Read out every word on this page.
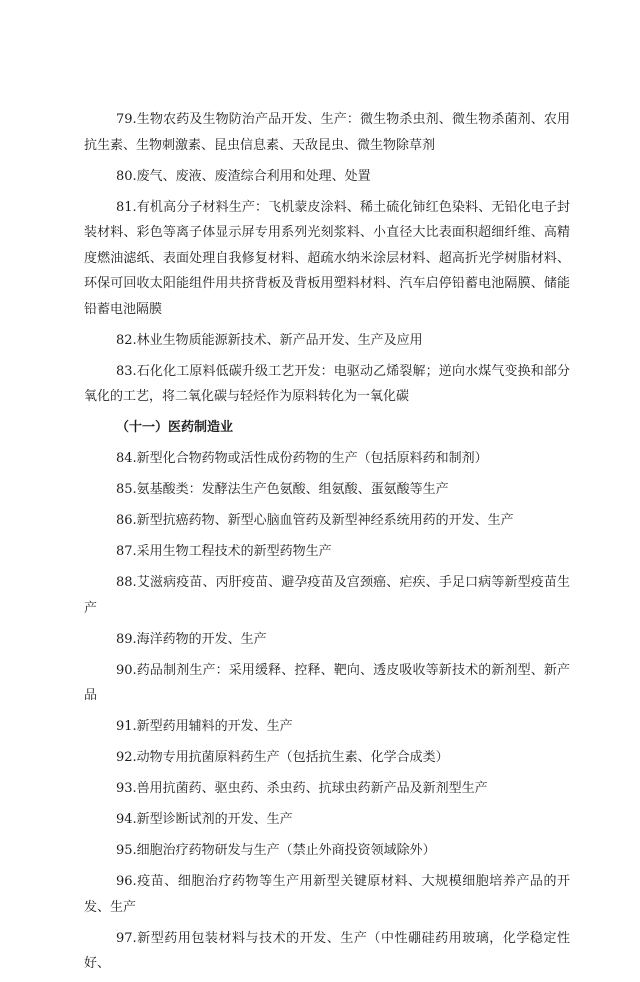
79.生物农药及生物防治产品开发、生产：微生物杀虫剂、微生物杀菌剂、农用抗生素、生物刺激素、昆虫信息素、天敌昆虫、微生物除草剂

80.废气、废液、废渣综合利用和处理、处置

81.有机高分子材料生产：飞机蒙皮涂料、稀土硫化铈红色染料、无铅化电子封装材料、彩色等离子体显示屏专用系列光刻浆料、小直径大比表面积超细纤维、高精度燃油滤纸、表面处理自我修复材料、超疏水纳米涂层材料、超高折光学树脂材料、环保可回收太阳能组件用共挤背板及背板用塑料材料、汽车启停铅蓄电池隔膜、储能铅蓄电池隔膜

82.林业生物质能源新技术、新产品开发、生产及应用

83.石化化工原料低碳升级工艺开发：电驱动乙烯裂解；逆向水煤气变换和部分氧化的工艺，将二氧化碳与轻烃作为原料转化为一氧化碳

（十一）医药制造业

84.新型化合物药物或活性成份药物的生产（包括原料药和制剂）

85.氨基酸类：发酵法生产色氨酸、组氨酸、蛋氨酸等生产

86.新型抗癌药物、新型心脑血管药及新型神经系统用药的开发、生产

87.采用生物工程技术的新型药物生产

88.艾滋病疫苗、丙肝疫苗、避孕疫苗及宫颈癌、疟疾、手足口病等新型疫苗生产

89.海洋药物的开发、生产

90.药品制剂生产：采用缓释、控释、靶向、透皮吸收等新技术的新剂型、新产品

91.新型药用辅料的开发、生产

92.动物专用抗菌原料药生产（包括抗生素、化学合成类）

93.兽用抗菌药、驱虫药、杀虫药、抗球虫药新产品及新剂型生产

94.新型诊断试剂的开发、生产

95.细胞治疗药物研发与生产（禁止外商投资领域除外）

96.疫苗、细胞治疗药物等生产用新型关键原材料、大规模细胞培养产品的开发、生产

97.新型药用包装材料与技术的开发、生产（中性硼硅药用玻璃，化学稳定性好、
